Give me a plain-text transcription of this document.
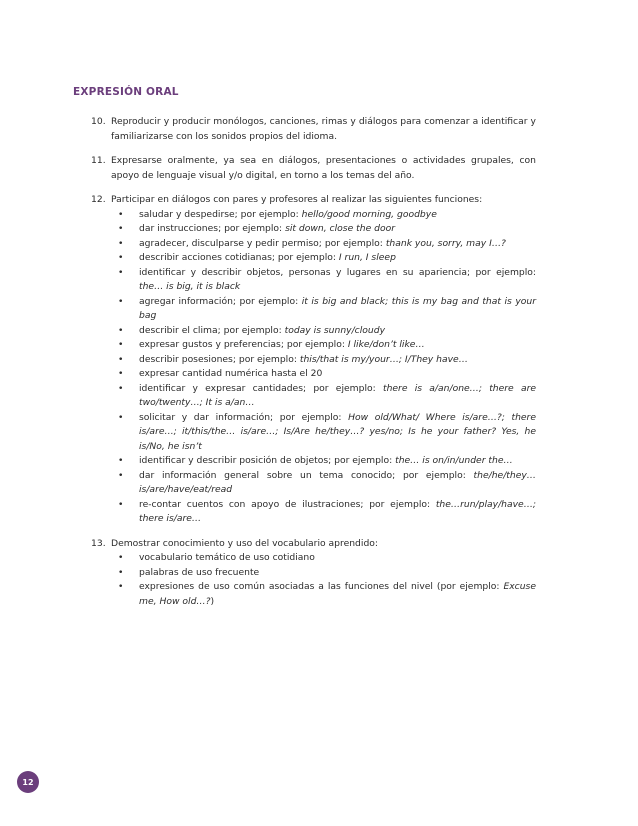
EXPRESIÓN ORAL
10. Reproducir y producir monólogos, canciones, rimas y diálogos para comenzar a identificar y familiarizarse con los sonidos propios del idioma.
11. Expresarse oralmente, ya sea en diálogos, presentaciones o actividades grupales, con apoyo de lenguaje visual y/o digital, en torno a los temas del año.
12. Participar en diálogos con pares y profesores al realizar las siguientes funciones:
•	saludar y despedirse; por ejemplo: hello/good morning, goodbye
•	dar instrucciones; por ejemplo: sit down, close the door
•	agradecer, disculparse y pedir permiso; por ejemplo: thank you, sorry, may I…?
•	describir acciones cotidianas; por ejemplo: I run, I sleep
•	identificar y describir objetos, personas y lugares en su apariencia; por ejemplo: the… is big, it is black
•	agregar información; por ejemplo: it is big and black; this is my bag and that is your bag
•	describir el clima; por ejemplo: today is sunny/cloudy
•	expresar gustos y preferencias; por ejemplo: I like/don’t like…
•	describir posesiones; por ejemplo: this/that is my/your…; I/They have…
•	expresar cantidad numérica hasta el 20
•	identificar y expresar cantidades; por ejemplo: there is a/an/one…; there are two/twenty…; It is a/an…
•	solicitar y dar información; por ejemplo: How old/What/ Where is/are…?; there is/are…; it/this/the… is/are…; Is/Are he/they…? yes/no; Is he your father? Yes, he is/No, he isn’t
•	identificar y describir posición de objetos; por ejemplo: the… is on/in/under the…
•	dar información general sobre un tema conocido; por ejemplo: the/he/they… is/are/have/eat/read
•	re-contar cuentos con apoyo de ilustraciones; por ejemplo: the…run/play/have…; there is/are…
13. Demostrar conocimiento y uso del vocabulario aprendido:
•	vocabulario temático de uso cotidiano
•	palabras de uso frecuente
•	expresiones de uso común asociadas a las funciones del nivel (por ejemplo: Excuse me, How old…?)
12
